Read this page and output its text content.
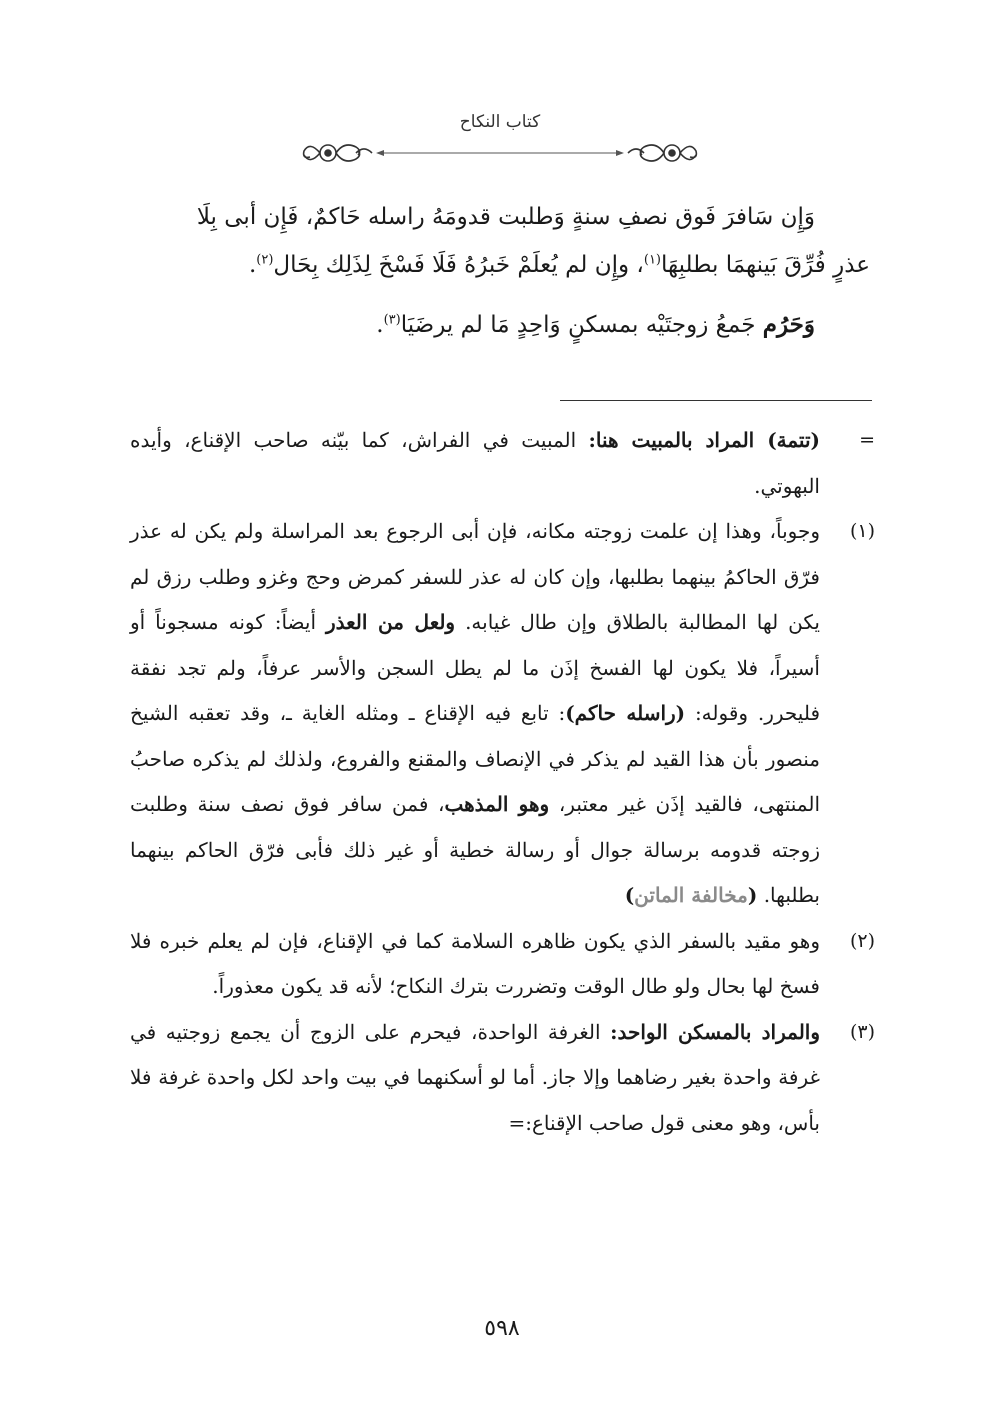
كتاب النكاح

وَإِن سَافرَ فَوق نصفِ سنةٍ وَطلبت قدومَهُ راسله حَاكمٌ، فَإِن أبى بِلَا

عذرٍ فُرِّقَ بَينهمَا بطلبِهَا$^{(١)}$، وإِن لم يُعلَمْ خَبرُهُ فَلَا فَسْخَ لِذَلِك بِحَال$^{(٢)}$.

وَحَرُم جَمعُ زوجتَيْه بمسكنٍ وَاحِدٍ مَا لم يرضَيَا$^{(٣)}$.

=

(تتمة) المراد بالمبيت هنا: المبيت في الفراش، كما بيّنه صاحب الإقناع، وأيده البهوتي.

(١)

وجوباً، وهذا إن علمت زوجته مكانه، فإن أبى الرجوع بعد المراسلة ولم يكن له عذر فرّق الحاكمُ بينهما بطلبها، وإن كان له عذر للسفر كمرض وحج وغزو وطلب رزق لم يكن لها المطالبة بالطلاق وإن طال غيابه. ولعل من العذر أيضاً: كونه مسجوناً أو أسيراً، فلا يكون لها الفسخ إذَن ما لم يطل السجن والأسر عرفاً، ولم تجد نفقة فليحرر. وقوله: (راسله حاكم): تابع فيه الإقناع ـ ومثله الغاية ـ، وقد تعقبه الشيخ منصور بأن هذا القيد لم يذكر في الإنصاف والمقنع والفروع، ولذلك لم يذكره صاحبُ المنتهى، فالقيد إذَن غير معتبر، وهو المذهب، فمن سافر فوق نصف سنة وطلبت زوجته قدومه برسالة جوال أو رسالة خطية أو غير ذلك فأبى فرّق الحاكم بينهما بطلبها. (مخالفة الماتن)

(٢)

وهو مقيد بالسفر الذي يكون ظاهره السلامة كما في الإقناع، فإن لم يعلم خبره فلا فسخ لها بحال ولو طال الوقت وتضررت بترك النكاح؛ لأنه قد يكون معذوراً.

(٣)

والمراد بالمسكن الواحد: الغرفة الواحدة، فيحرم على الزوج أن يجمع زوجتيه في غرفة واحدة بغير رضاهما وإلا جاز. أما لو أسكنهما في بيت واحد لكل واحدة غرفة فلا بأس، وهو معنى قول صاحب الإقناع:=

٥٩٨
